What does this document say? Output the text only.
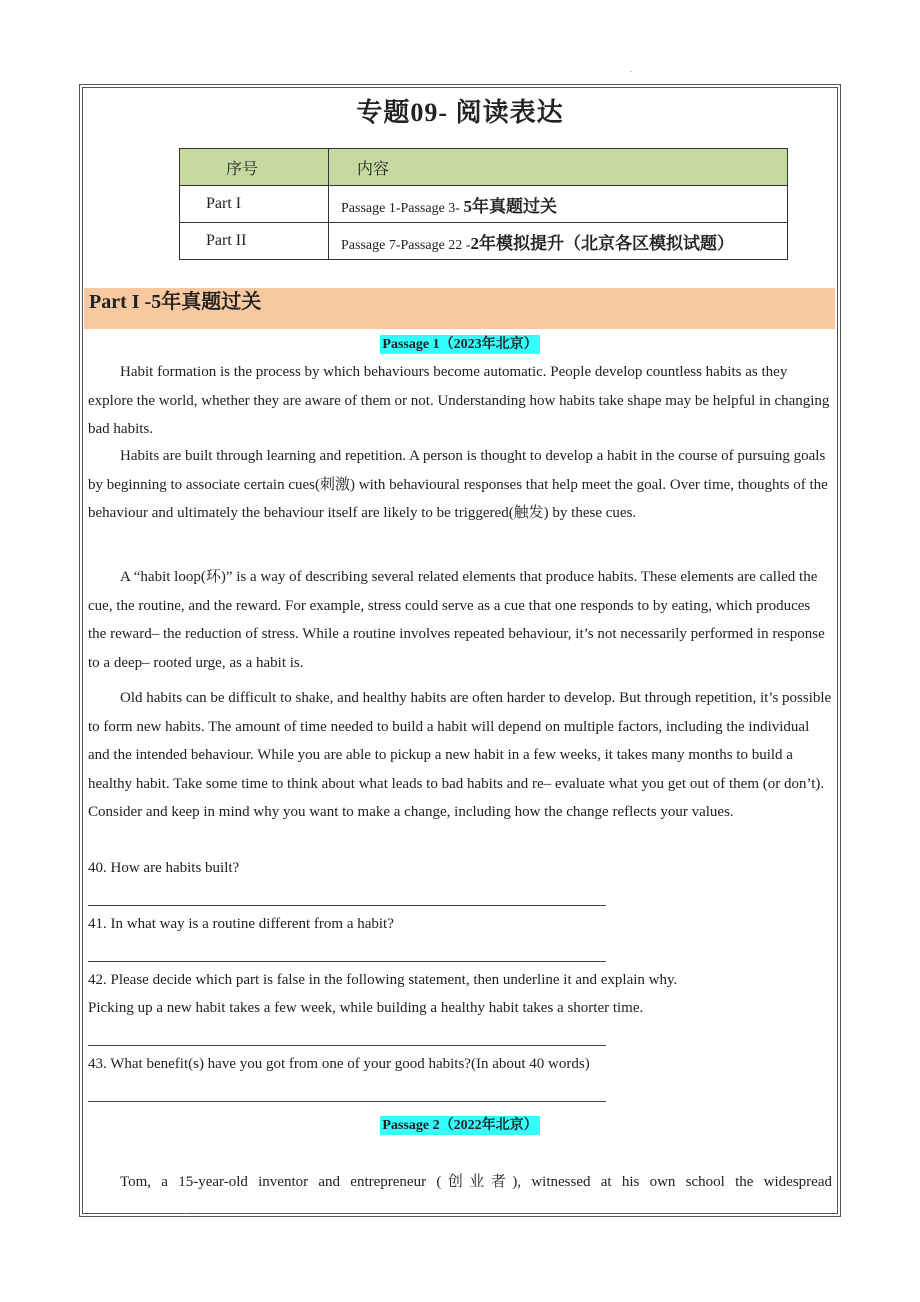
.
.
专题09- 阅读表达
序号	内容
Part I	Passage 1-Passage 3- 5年真题过关
Part II	Passage 7-Passage 22 -2年模拟提升（北京各区模拟试题）
Part I -5年真题过关
Passage 1（2023年北京）

Habit formation is the process by which behaviours become automatic. People develop countless habits as they explore the world, whether they are aware of them or not. Understanding how habits take shape may be helpful in changing bad habits.

Habits are built through learning and repetition. A person is thought to develop a habit in the course of pursuing goals by beginning to associate certain cues(刺激) with behavioural responses that help meet the goal. Over time, thoughts of the behaviour and ultimately the behaviour itself are likely to be triggered(触发) by these cues.

A “habit loop(环)” is a way of describing several related elements that produce habits. These elements are called the cue, the routine, and the reward. For example, stress could serve as a cue that one responds to by eating, which produces the reward– the reduction of stress. While a routine involves repeated behaviour, it’s not necessarily performed in response to a deep– rooted urge, as a habit is.

Old habits can be difficult to shake, and healthy habits are often harder to develop. But through repetition, it’s possible to form new habits. The amount of time needed to build a habit will depend on multiple factors, including the individual and the intended behaviour. While you are able to pickup a new habit in a few weeks, it takes many months to build a healthy habit. Take some time to think about what leads to bad habits and re– evaluate what you get out of them (or don’t). Consider and keep in mind why you want to make a change, including how the change reflects your values.

40. How are habits built?

41. In what way is a routine different from a habit?

42. Please decide which part is false in the following statement, then underline it and explain why.

Picking up a new habit takes a few week, while building a healthy habit takes a shorter time.

43. What benefit(s) have you got from one of your good habits?(In about 40 words)

Passage 2（2022年北京）

Tom, a 15-year-old inventor and entrepreneur (创业者), witnessed at his own school the widespread
